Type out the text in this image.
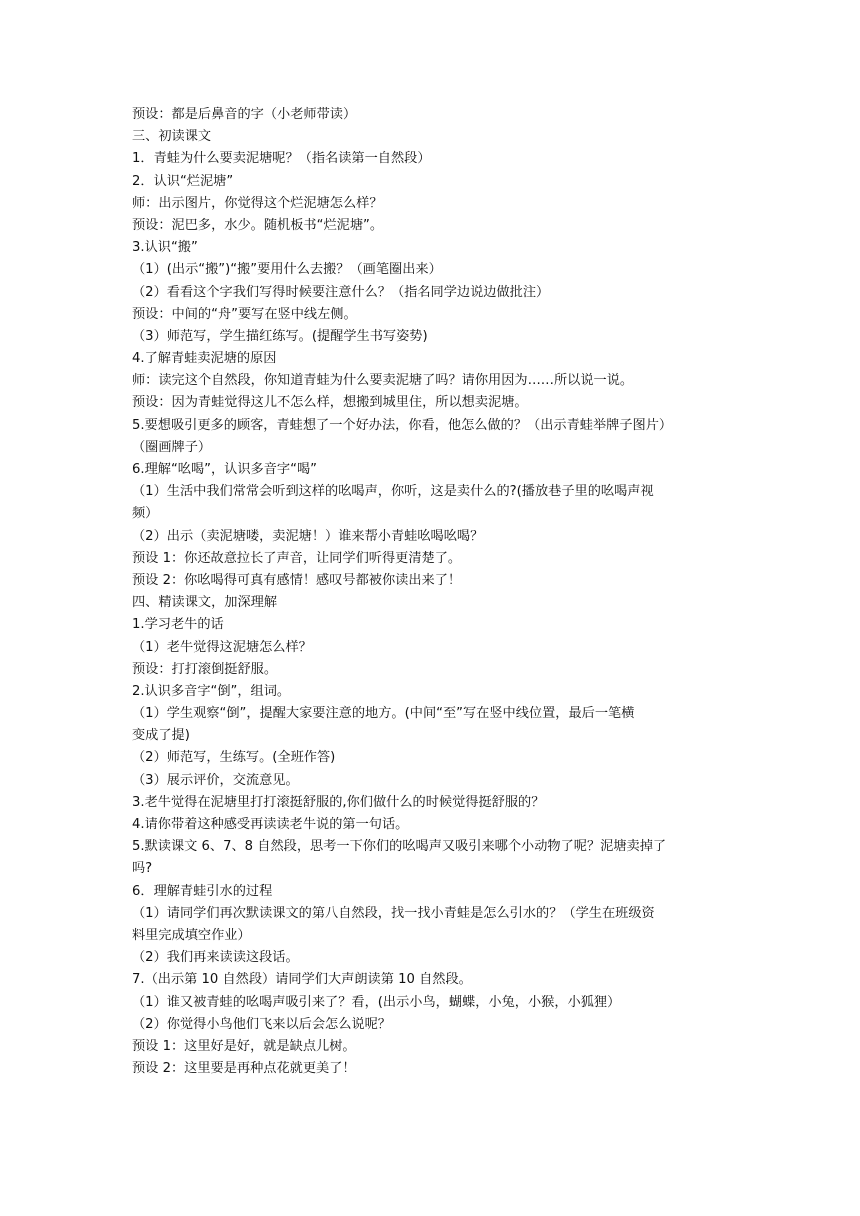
预设：都是后鼻音的字（小老师带读）
三、初读课文
1．青蛙为什么要卖泥塘呢？（指名读第一自然段）
2．认识“烂泥塘”
师：出示图片，你觉得这个烂泥塘怎么样？
预设：泥巴多，水少。随机板书“烂泥塘”。
3.认识“搬”
（1）(出示“搬”)“搬”要用什么去搬？（画笔圈出来）
（2）看看这个字我们写得时候要注意什么？（指名同学边说边做批注）
预设：中间的“舟”要写在竖中线左侧。
（3）师范写，学生描红练写。(提醒学生书写姿势)
4.了解青蛙卖泥塘的原因
师：读完这个自然段，你知道青蛙为什么要卖泥塘了吗？请你用因为……所以说一说。
预设：因为青蛙觉得这儿不怎么样，想搬到城里住，所以想卖泥塘。
5.要想吸引更多的顾客，青蛙想了一个好办法，你看，他怎么做的？（出示青蛙举牌子图片）
（圈画牌子）
6.理解“吆喝”，认识多音字“喝”
（1）生活中我们常常会听到这样的吆喝声，你听，这是卖什么的?(播放巷子里的吆喝声视
频）
（2）出示（卖泥塘喽，卖泥塘！）谁来帮小青蛙吆喝吆喝？
预设 1：你还故意拉长了声音，让同学们听得更清楚了。
预设 2：你吆喝得可真有感情！感叹号都被你读出来了！
四、精读课文，加深理解
1.学习老牛的话
（1）老牛觉得这泥塘怎么样？
预设：打打滚倒挺舒服。
2.认识多音字“倒”，组词。
（1）学生观察“倒”，提醒大家要注意的地方。(中间“至”写在竖中线位置，最后一笔横
变成了提)
（2）师范写，生练写。(全班作答)
（3）展示评价，交流意见。
3.老牛觉得在泥塘里打打滚挺舒服的,你们做什么的时候觉得挺舒服的？
4.请你带着这种感受再读读老牛说的第一句话。
5.默读课文 6、7、8 自然段，思考一下你们的吆喝声又吸引来哪个小动物了呢？泥塘卖掉了
吗?
6．理解青蛙引水的过程
（1）请同学们再次默读课文的第八自然段，找一找小青蛙是怎么引水的？（学生在班级资
料里完成填空作业）
（2）我们再来读读这段话。
7.（出示第 10 自然段）请同学们大声朗读第 10 自然段。
（1）谁又被青蛙的吆喝声吸引来了？看，(出示小鸟，蝴蝶，小兔，小猴，小狐狸）
（2）你觉得小鸟他们飞来以后会怎么说呢？
预设 1：这里好是好，就是缺点儿树。
预设 2：这里要是再种点花就更美了！
